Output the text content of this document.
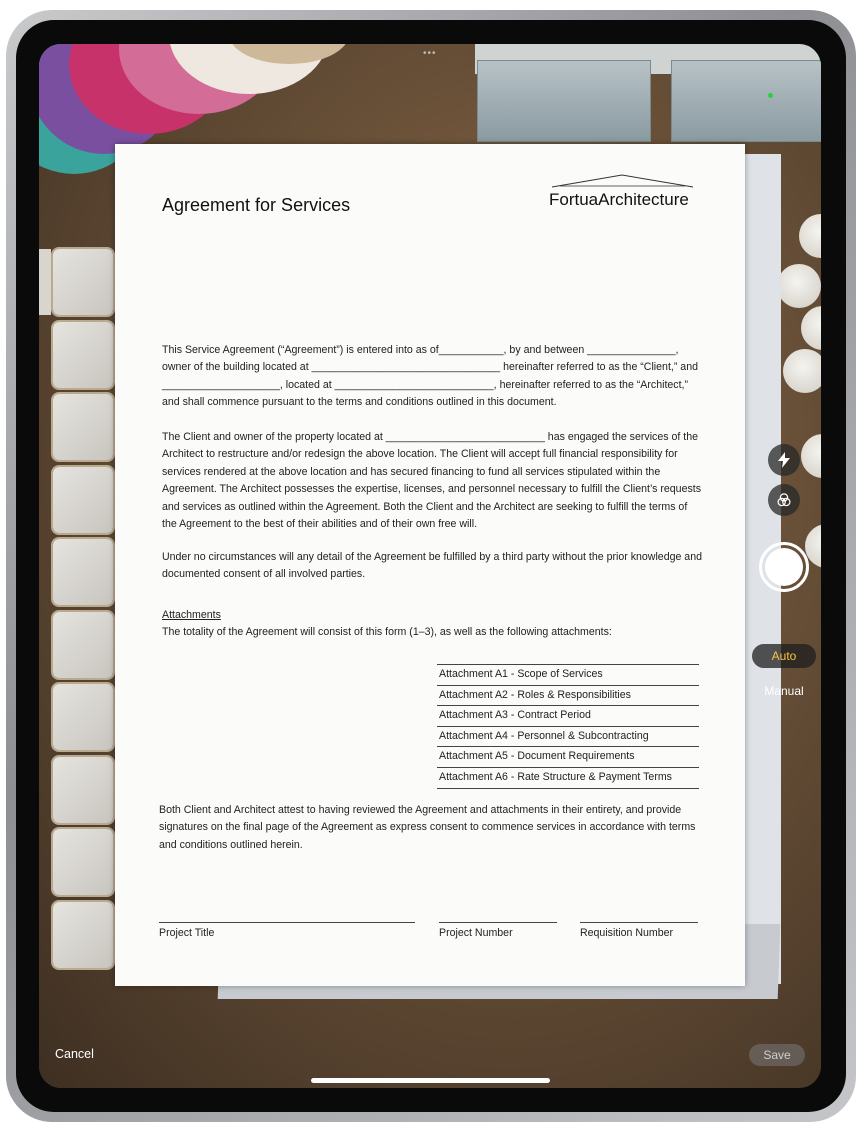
•••
Agreement for Services	FortuaArchitecture
This Service Agreement (“Agreement”) is entered into as of___________, by and between _______________, owner of the building located at ________________________________ hereinafter referred to as the “Client,” and ____________________, located at ___________________________, hereinafter referred to as the “Architect,” and shall commence pursuant to the terms and conditions outlined in this document.
The Client and owner of the property located at ___________________________ has engaged the services of the Architect to restructure and/or redesign the above location. The Client will accept full financial responsibility for services rendered at the above location and has secured financing to fund all services stipulated within the Agreement. The Architect possesses the expertise, licenses, and personnel necessary to fulfill the Client’s requests and services as outlined within the Agreement. Both the Client and the Architect are seeking to fulfill the terms of the Agreement to the best of their abilities and of their own free will.
Under no circumstances will any detail of the Agreement be fulfilled by a third party without the prior knowledge and documented consent of all involved parties.
Attachments
The totality of the Agreement will consist of this form (1–3), as well as the following attachments:
Attachment A1 - Scope of Services
Attachment A2 - Roles & Responsibilities
Attachment A3 - Contract Period
Attachment A4 - Personnel & Subcontracting
Attachment A5 - Document Requirements
Attachment A6 - Rate Structure & Payment Terms
Both Client and Architect attest to having reviewed the Agreement and attachments in their entirety, and provide signatures on the final page of the Agreement as express consent to commence services in accordance with terms and conditions outlined herein.
Project Title	Project Number	Requisition Number
Auto
Manual
Cancel	Save
